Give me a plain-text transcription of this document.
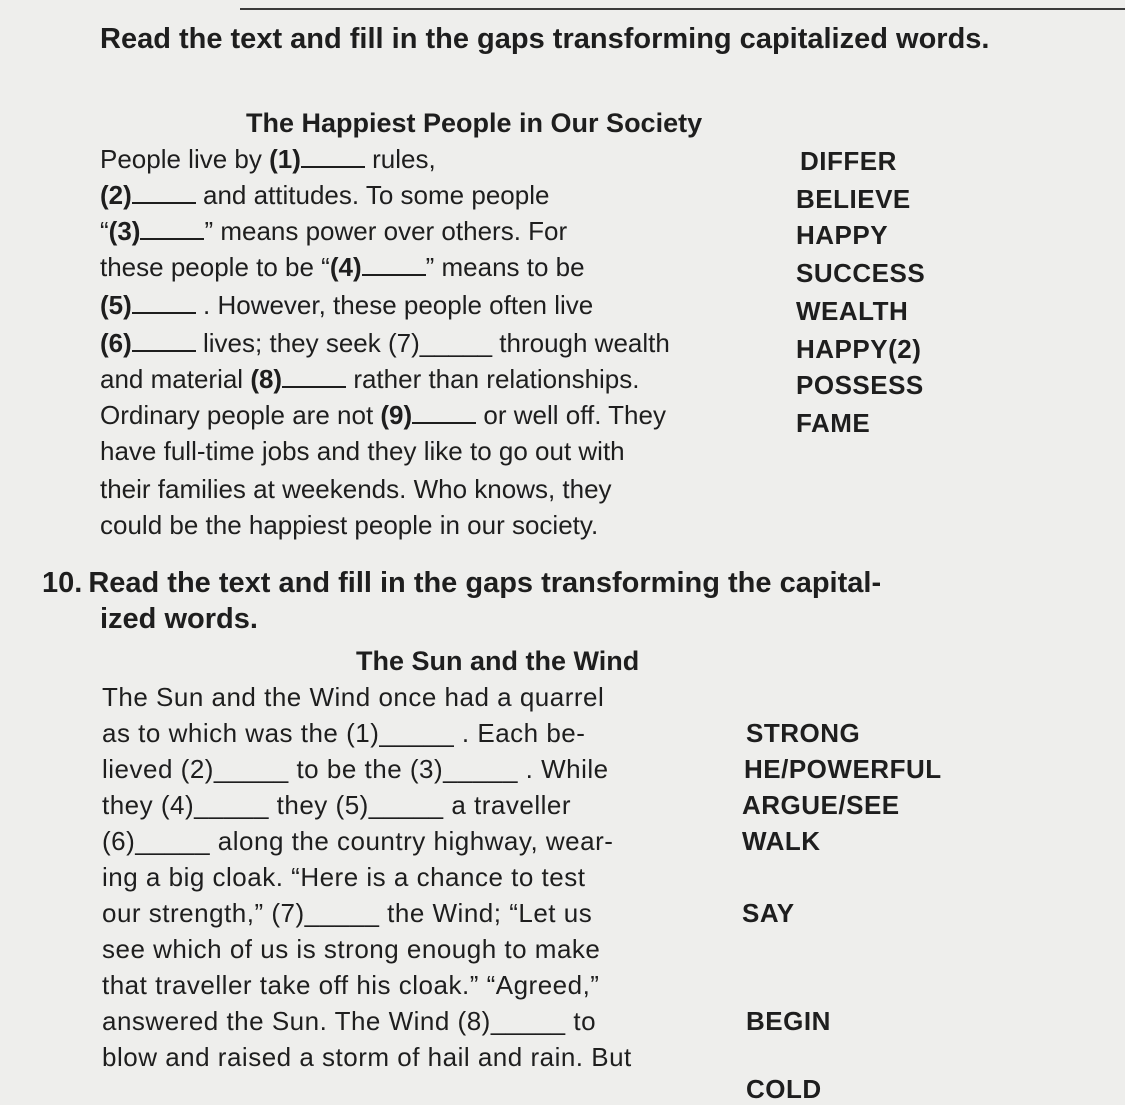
Read the text and fill in the gaps transforming capitalized words.
The Happiest People in Our Society
People live by (1) rules,
(2) and attitudes. To some people
“(3) ” means power over others. For
these people to be “(4) ” means to be
(5) . However, these people often live
(6) lives; they seek (7)_____ through wealth
and material (8) rather than relationships.
Ordinary people are not (9) or well off. They
have full-time jobs and they like to go out with
their families at weekends. Who knows, they
could be the happiest people in our society.
DIFFER
BELIEVE
HAPPY
SUCCESS
WEALTH
HAPPY(2)
POSSESS
FAME
10. Read the text and fill in the gaps transforming the capital-
ized words.
The Sun and the Wind
The Sun and the Wind once had a quarrel
as to which was the (1)_____ . Each be-
lieved (2)_____ to be the (3)_____ . While
they (4)_____ they (5)_____ a traveller
(6)_____ along the country highway, wear-
ing a big cloak. “Here is a chance to test
our strength,” (7)_____ the Wind; “Let us
see which of us is strong enough to make
that traveller take off his cloak.” “Agreed,”
answered the Sun. The Wind (8)_____ to
blow and raised a storm of hail and rain. But
STRONG
HE/POWERFUL
ARGUE/SEE
WALK
SAY
BEGIN
COLD
